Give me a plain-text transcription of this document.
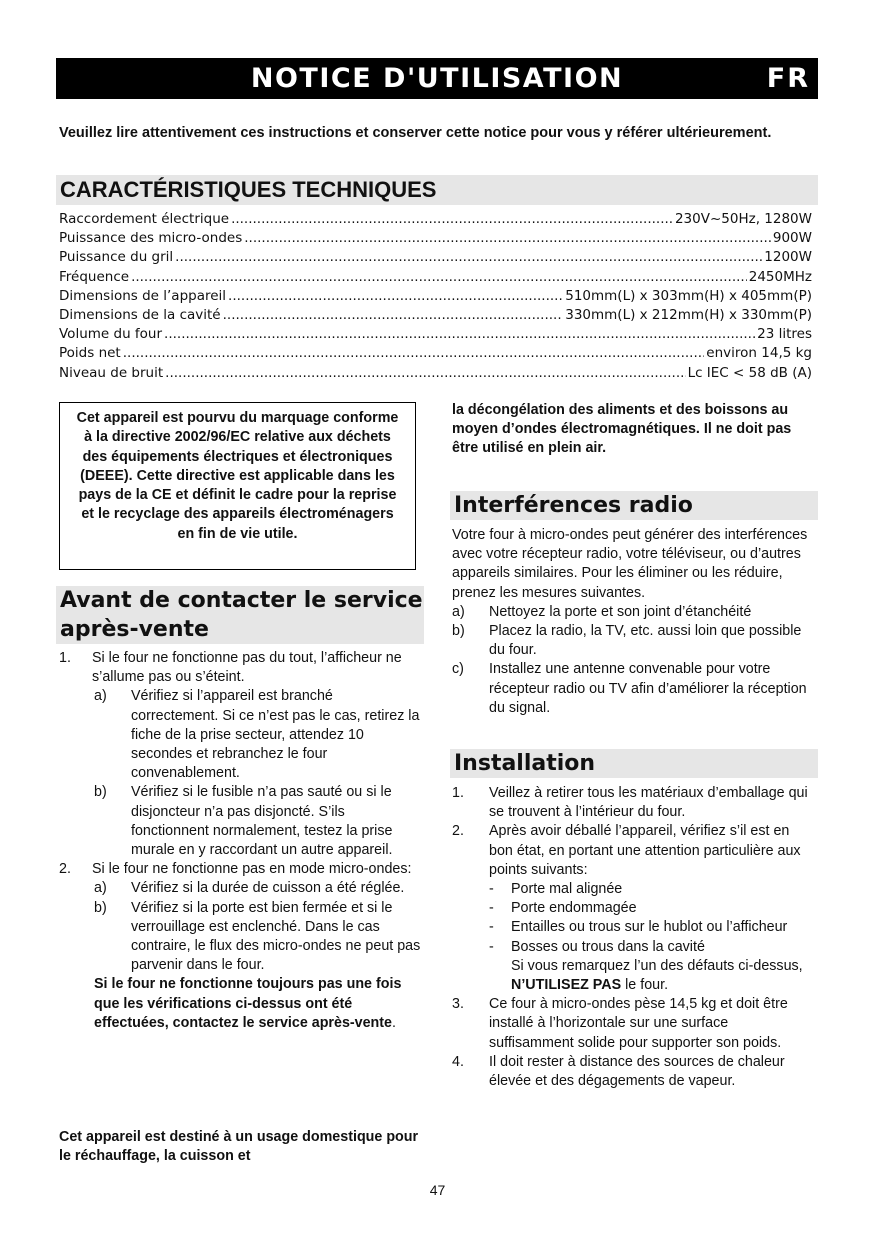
NOTICE D'UTILISATION	FR
Veuillez lire attentivement ces instructions et conserver cette notice pour vous y référer ultérieurement.
CARACTÉRISTIQUES TECHNIQUES
Raccordement électrique .....	230V~50Hz, 1280W
Puissance des micro-ondes .....	900W
Puissance du gril .....	1200W
Fréquence .....	2450MHz
Dimensions de l’appareil .....	510mm(L) x 303mm(H) x 405mm(P)
Dimensions de la cavité .....	330mm(L) x 212mm(H) x 330mm(P)
Volume du four .....	23 litres
Poids net .....	environ 14,5 kg
Niveau de bruit .....	Lc IEC < 58 dB (A)
Cet appareil est pourvu du marquage conforme à la directive 2002/96/EC relative aux déchets des équipements électriques et électroniques (DEEE). Cette directive est applicable dans les pays de la CE et définit le cadre pour la reprise et le recyclage des appareils électroménagers en fin de vie utile.
Avant de contacter le service après-vente
1.	Si le four ne fonctionne pas du tout, l’afficheur ne s’allume pas ou s’éteint.
a)	Vérifiez si l’appareil est branché correctement. Si ce n’est pas le cas, retirez la fiche de la prise secteur, attendez 10 secondes et rebranchez le four convenablement.
b)	Vérifiez si le fusible n’a pas sauté ou si le disjoncteur n’a pas disjoncté. S’ils fonctionnent normalement, testez la prise murale en y raccordant un autre appareil.
2.	Si le four ne fonctionne pas en mode micro-ondes:
a)	Vérifiez si la durée de cuisson a été réglée.
b)	Vérifiez si la porte est bien fermée et si le verrouillage est enclenché. Dans le cas contraire, le flux des micro-ondes ne peut pas parvenir dans le four.
Si le four ne fonctionne toujours pas une fois que les vérifications ci-dessus ont été effectuées, contactez le service après-vente.
Cet appareil est destiné à un usage domestique pour le réchauffage, la cuisson et
la décongélation des aliments et des boissons au moyen d’ondes électromagnétiques. Il ne doit pas être utilisé en plein air.
Interférences radio
Votre four à micro-ondes peut générer des interférences avec votre récepteur radio, votre téléviseur, ou d’autres appareils similaires. Pour les éliminer ou les réduire, prenez les mesures suivantes.
a)	Nettoyez la porte et son joint d’étanchéité
b)	Placez la radio, la TV, etc. aussi loin que possible du four.
c)	Installez une antenne convenable pour votre récepteur radio ou TV afin d’améliorer la réception du signal.
Installation
1.	Veillez à retirer tous les matériaux d’emballage qui se trouvent à l’intérieur du four.
2.	Après avoir déballé l’appareil, vérifiez s’il est en bon état, en portant une attention particulière aux points suivants:
-	Porte mal alignée
-	Porte endommagée
-	Entailles ou trous sur le hublot ou l’afficheur
-	Bosses ou trous dans la cavité
Si vous remarquez l’un des défauts ci-dessus, N’UTILISEZ PAS le four.
3.	Ce four à micro-ondes pèse 14,5 kg et doit être installé à l’horizontale sur une surface suffisamment solide pour supporter son poids.
4.	Il doit rester à distance des sources de chaleur élevée et des dégagements de vapeur.
47
